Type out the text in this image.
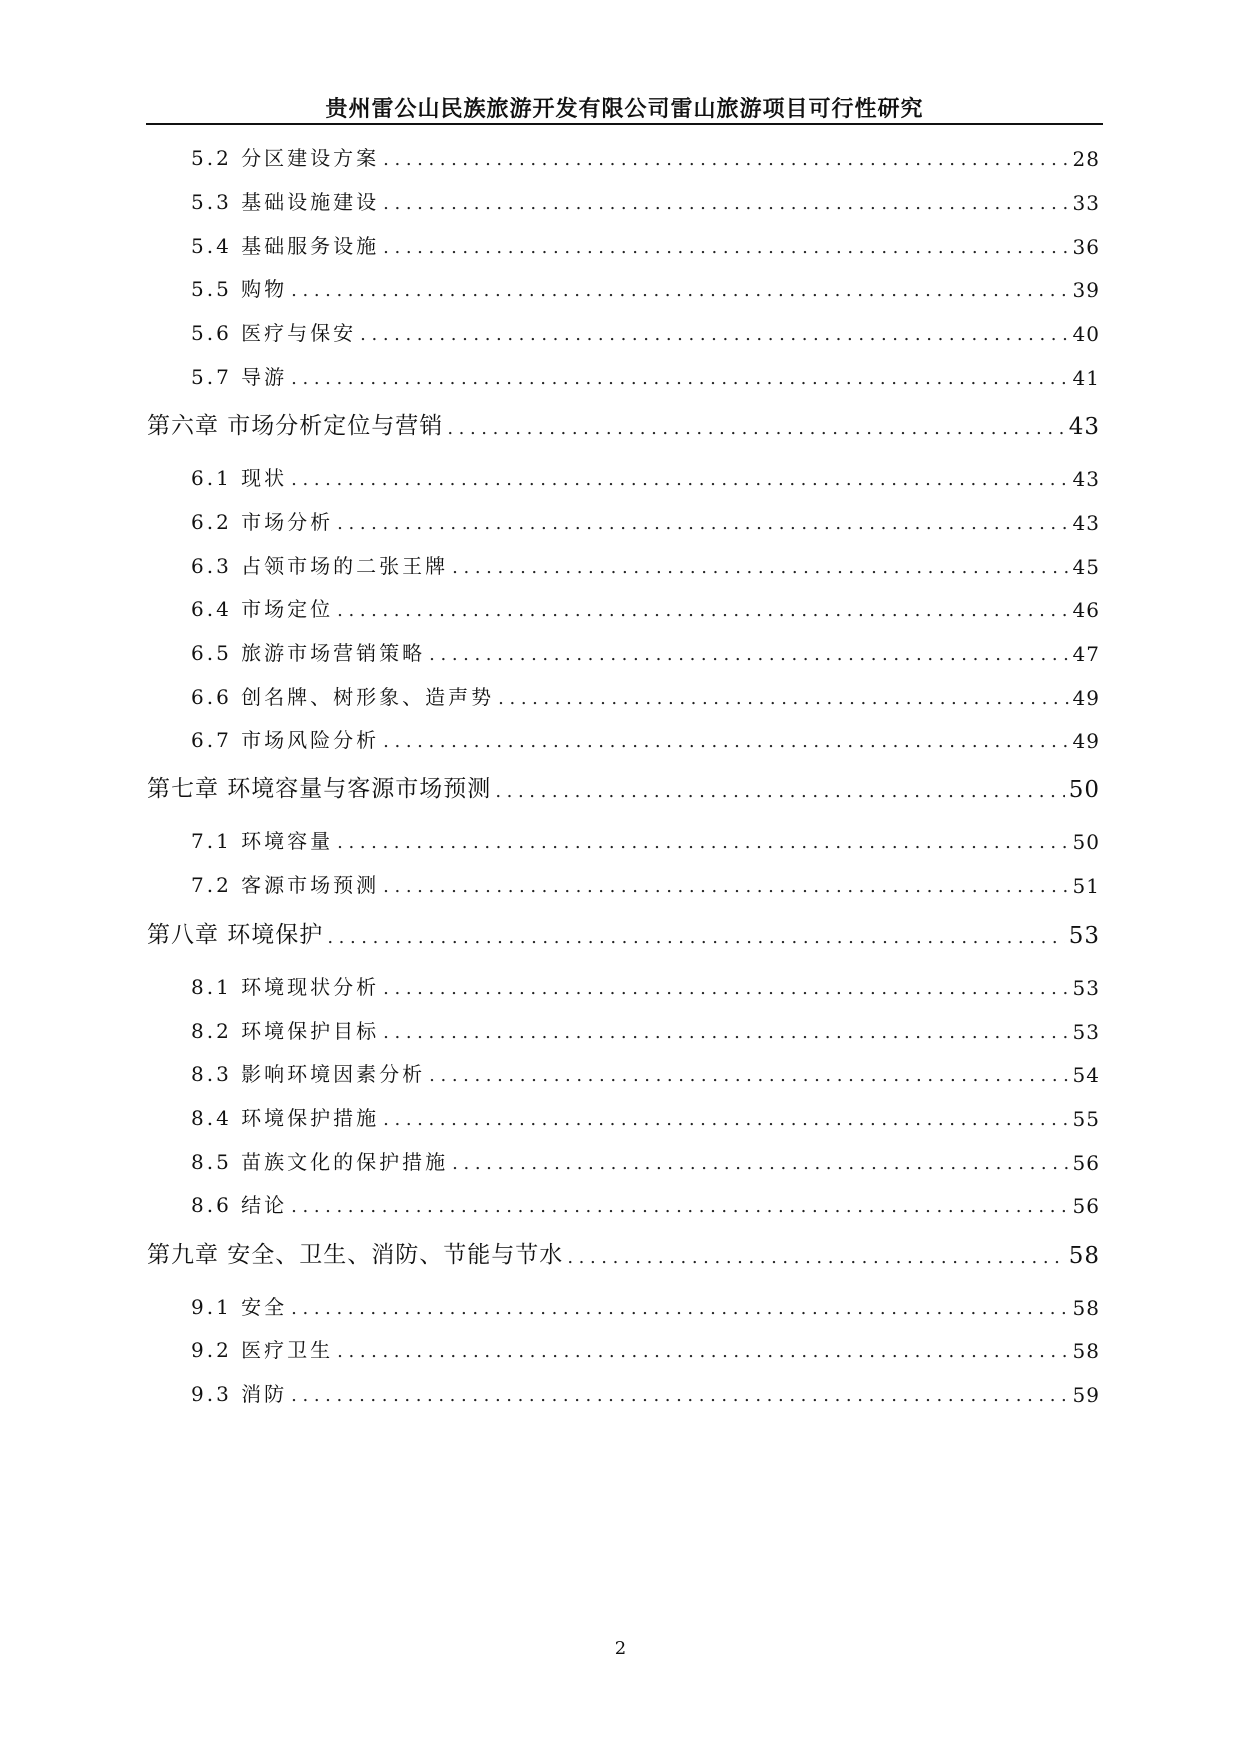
贵州雷公山民族旅游开发有限公司雷山旅游项目可行性研究
5.2 分区建设方案 .....	28
5.3 基础设施建设 .....	33
5.4 基础服务设施 .....	36
5.5 购物 .....	39
5.6 医疗与保安 .....	40
5.7 导游 .....	41
第六章 市场分析定位与营销 .....	43
6.1 现状 .....	43
6.2 市场分析 .....	43
6.3 占领市场的二张王牌 .....	45
6.4 市场定位 .....	46
6.5 旅游市场营销策略 .....	47
6.6 创名牌、树形象、造声势 .....	49
6.7 市场风险分析 .....	49
第七章 环境容量与客源市场预测 .....	50
7.1 环境容量 .....	50
7.2 客源市场预测 .....	51
第八章 环境保护 .....	53
8.1 环境现状分析 .....	53
8.2 环境保护目标 .....	53
8.3 影响环境因素分析 .....	54
8.4 环境保护措施 .....	55
8.5 苗族文化的保护措施 .....	56
8.6 结论 .....	56
第九章 安全、卫生、消防、节能与节水 .....	58
9.1 安全 .....	58
9.2 医疗卫生 .....	58
9.3 消防 .....	59
2
